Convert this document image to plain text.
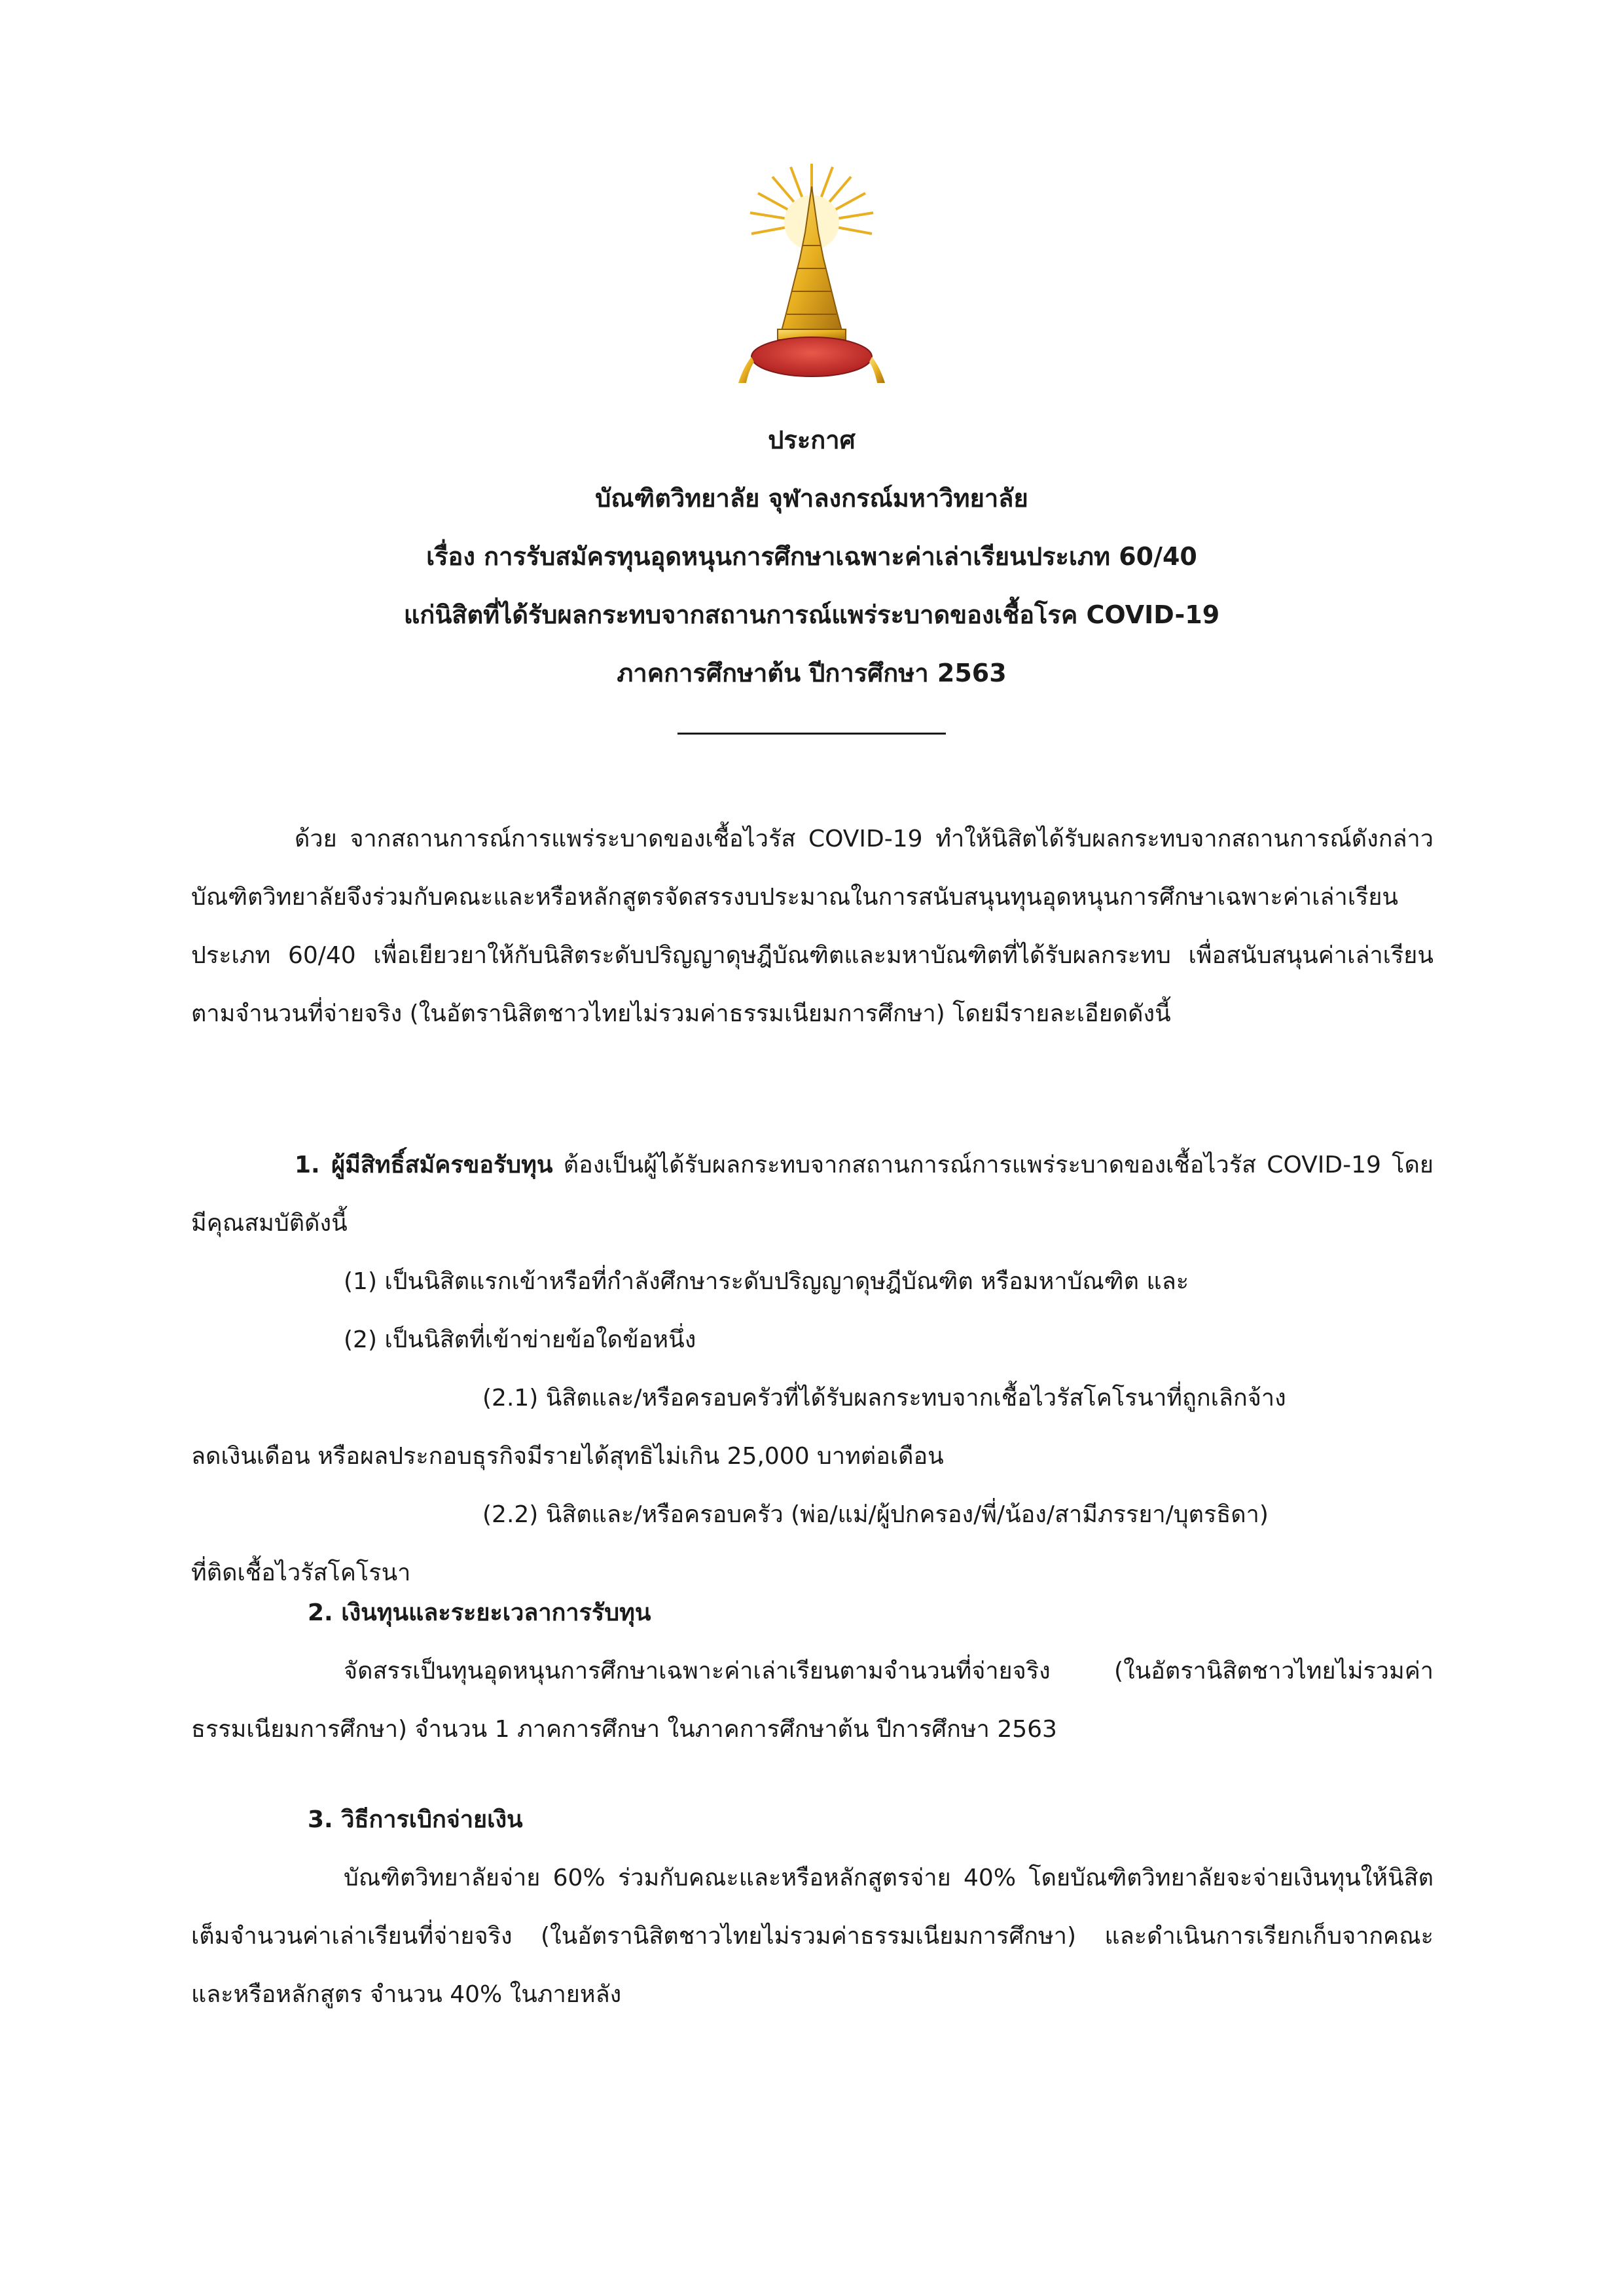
ประกาศ
บัณฑิตวิทยาลัย จุฬาลงกรณ์มหาวิทยาลัย
เรื่อง การรับสมัครทุนอุดหนุนการศึกษาเฉพาะค่าเล่าเรียนประเภท 60/40
แก่นิสิตที่ได้รับผลกระทบจากสถานการณ์แพร่ระบาดของเชื้อโรค COVID-19
ภาคการศึกษาต้น ปีการศึกษา 2563
ด้วย จากสถานการณ์การแพร่ระบาดของเชื้อไวรัส COVID-19 ทำให้นิสิตได้รับผลกระทบจากสถานการณ์ดังกล่าว บัณฑิตวิทยาลัยจึงร่วมกับคณะและหรือหลักสูตรจัดสรรงบประมาณในการสนับสนุนทุนอุดหนุนการศึกษาเฉพาะค่าเล่าเรียนประเภท 60/40 เพื่อเยียวยาให้กับนิสิตระดับปริญญาดุษฎีบัณฑิตและมหาบัณฑิตที่ได้รับผลกระทบ เพื่อสนับสนุนค่าเล่าเรียนตามจำนวนที่จ่ายจริง (ในอัตรานิสิตชาวไทยไม่รวมค่าธรรมเนียมการศึกษา) โดยมีรายละเอียดดังนี้
1. ผู้มีสิทธิ์สมัครขอรับทุน ต้องเป็นผู้ได้รับผลกระทบจากสถานการณ์การแพร่ระบาดของเชื้อไวรัส COVID-19 โดยมีคุณสมบัติดังนี้
(1) เป็นนิสิตแรกเข้าหรือที่กำลังศึกษาระดับปริญญาดุษฎีบัณฑิต หรือมหาบัณฑิต และ
(2) เป็นนิสิตที่เข้าข่ายข้อใดข้อหนึ่ง
(2.1) นิสิตและ/หรือครอบครัวที่ได้รับผลกระทบจากเชื้อไวรัสโคโรนาที่ถูกเลิกจ้าง
ลดเงินเดือน หรือผลประกอบธุรกิจมีรายได้สุทธิไม่เกิน 25,000 บาทต่อเดือน
(2.2) นิสิตและ/หรือครอบครัว (พ่อ/แม่/ผู้ปกครอง/พี่/น้อง/สามีภรรยา/บุตรธิดา)
ที่ติดเชื้อไวรัสโคโรนา
2. เงินทุนและระยะเวลาการรับทุน
จัดสรรเป็นทุนอุดหนุนการศึกษาเฉพาะค่าเล่าเรียนตามจำนวนที่จ่ายจริง (ในอัตรานิสิตชาวไทยไม่รวมค่าธรรมเนียมการศึกษา) จำนวน 1 ภาคการศึกษา ในภาคการศึกษาต้น ปีการศึกษา 2563
3. วิธีการเบิกจ่ายเงิน
บัณฑิตวิทยาลัยจ่าย 60% ร่วมกับคณะและหรือหลักสูตรจ่าย 40% โดยบัณฑิตวิทยาลัยจะจ่ายเงินทุนให้นิสิตเต็มจำนวนค่าเล่าเรียนที่จ่ายจริง (ในอัตรานิสิตชาวไทยไม่รวมค่าธรรมเนียมการศึกษา) และดำเนินการเรียกเก็บจากคณะและหรือหลักสูตร จำนวน 40% ในภายหลัง
